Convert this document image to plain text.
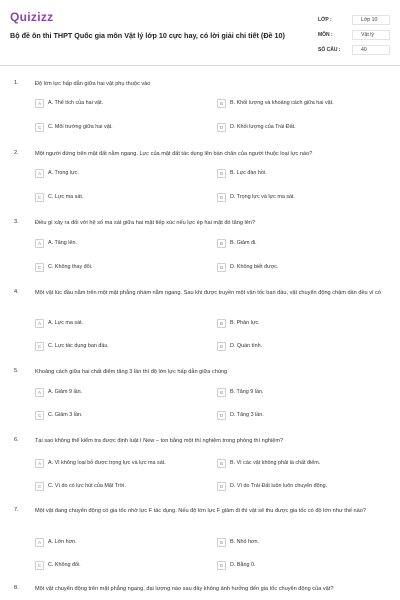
Quizizz
Bộ đề ôn thi THPT Quốc gia môn Vật lý lớp 10 cực hay, có lời giải chi tiết (Đề 10)
LỚP :	Lớp 10
MÔN :	Vật lý
SỐ CÂU :	40
1.	Độ lớn lực hấp dẫn giữa hai vật phụ thuộc vào
A	A. Thể tích của hai vật.	B	B. Khối lượng và khoảng cách giữa hai vật.
C	C. Môi trường giữa hai vật.	D	D. Khối lượng của Trái Đất.
2.	Một người đứng trên mặt đất nằm ngang. Lực của mặt đất tác dụng lên bàn chân của người thuộc loại lực nào?
A	A. Trọng lực.	B	B. Lực đàn hồi.
C	C. Lực ma sát.	D	D. Trọng lực và lực ma sát.
3.	Điều gì xảy ra đối với hệ số ma sát giữa hai mặt tiếp xúc nếu lực ép hai mặt đó tăng lên?
A	A. Tăng lên.	B	B. Giảm đi.
C	C. Không thay đổi.	D	D. Không biết được.
4.	Một vật lúc đầu nằm trên một mặt phẳng nhám nằm ngang. Sau khi được truyền một vận tốc ban đầu, vật chuyển động chậm dần đều vì có
A	A. Lực ma sát.	B	B. Phản lực.
C	C. Lực tác dụng ban đầu.	D	D. Quán tính.
5.	Khoảng cách giữa hai chất điểm tăng 3 lần thì độ lớn lực hấp dẫn giữa chúng
A	A. Giảm 9 lần.	B	B. Tăng 9 lần.
C	C. Giảm 3 lần.	D	D. Tăng 3 lần.
6.	Tại sao không thể kiểm tra được định luật I New – ton bằng một thí nghiệm trong phòng thí nghiệm?
A	A. Vì không loại bỏ được trọng lực và lực ma sát.	B	B. Vì các vật không phải là chất điểm.
C	C. Vì do có lực hút của Mặt Trời.	D	D. Vì do Trái Đất luôn luôn chuyển động.
7.	Một vật đang chuyển động có gia tốc nhờ lực F tác dụng. Nếu độ lớn lực F giảm đi thì vật sẽ thu được gia tốc có độ lớn như thế nào?
A	A. Lớn hơn.	B	B. Nhỏ hơn.
C	C. Không đổi.	D	D. Bằng 0.
8.	Một vật chuyển động trên mặt phẳng ngang, đại lượng nào sau đây không ảnh hưởng đến gia tốc chuyển động của vật?
